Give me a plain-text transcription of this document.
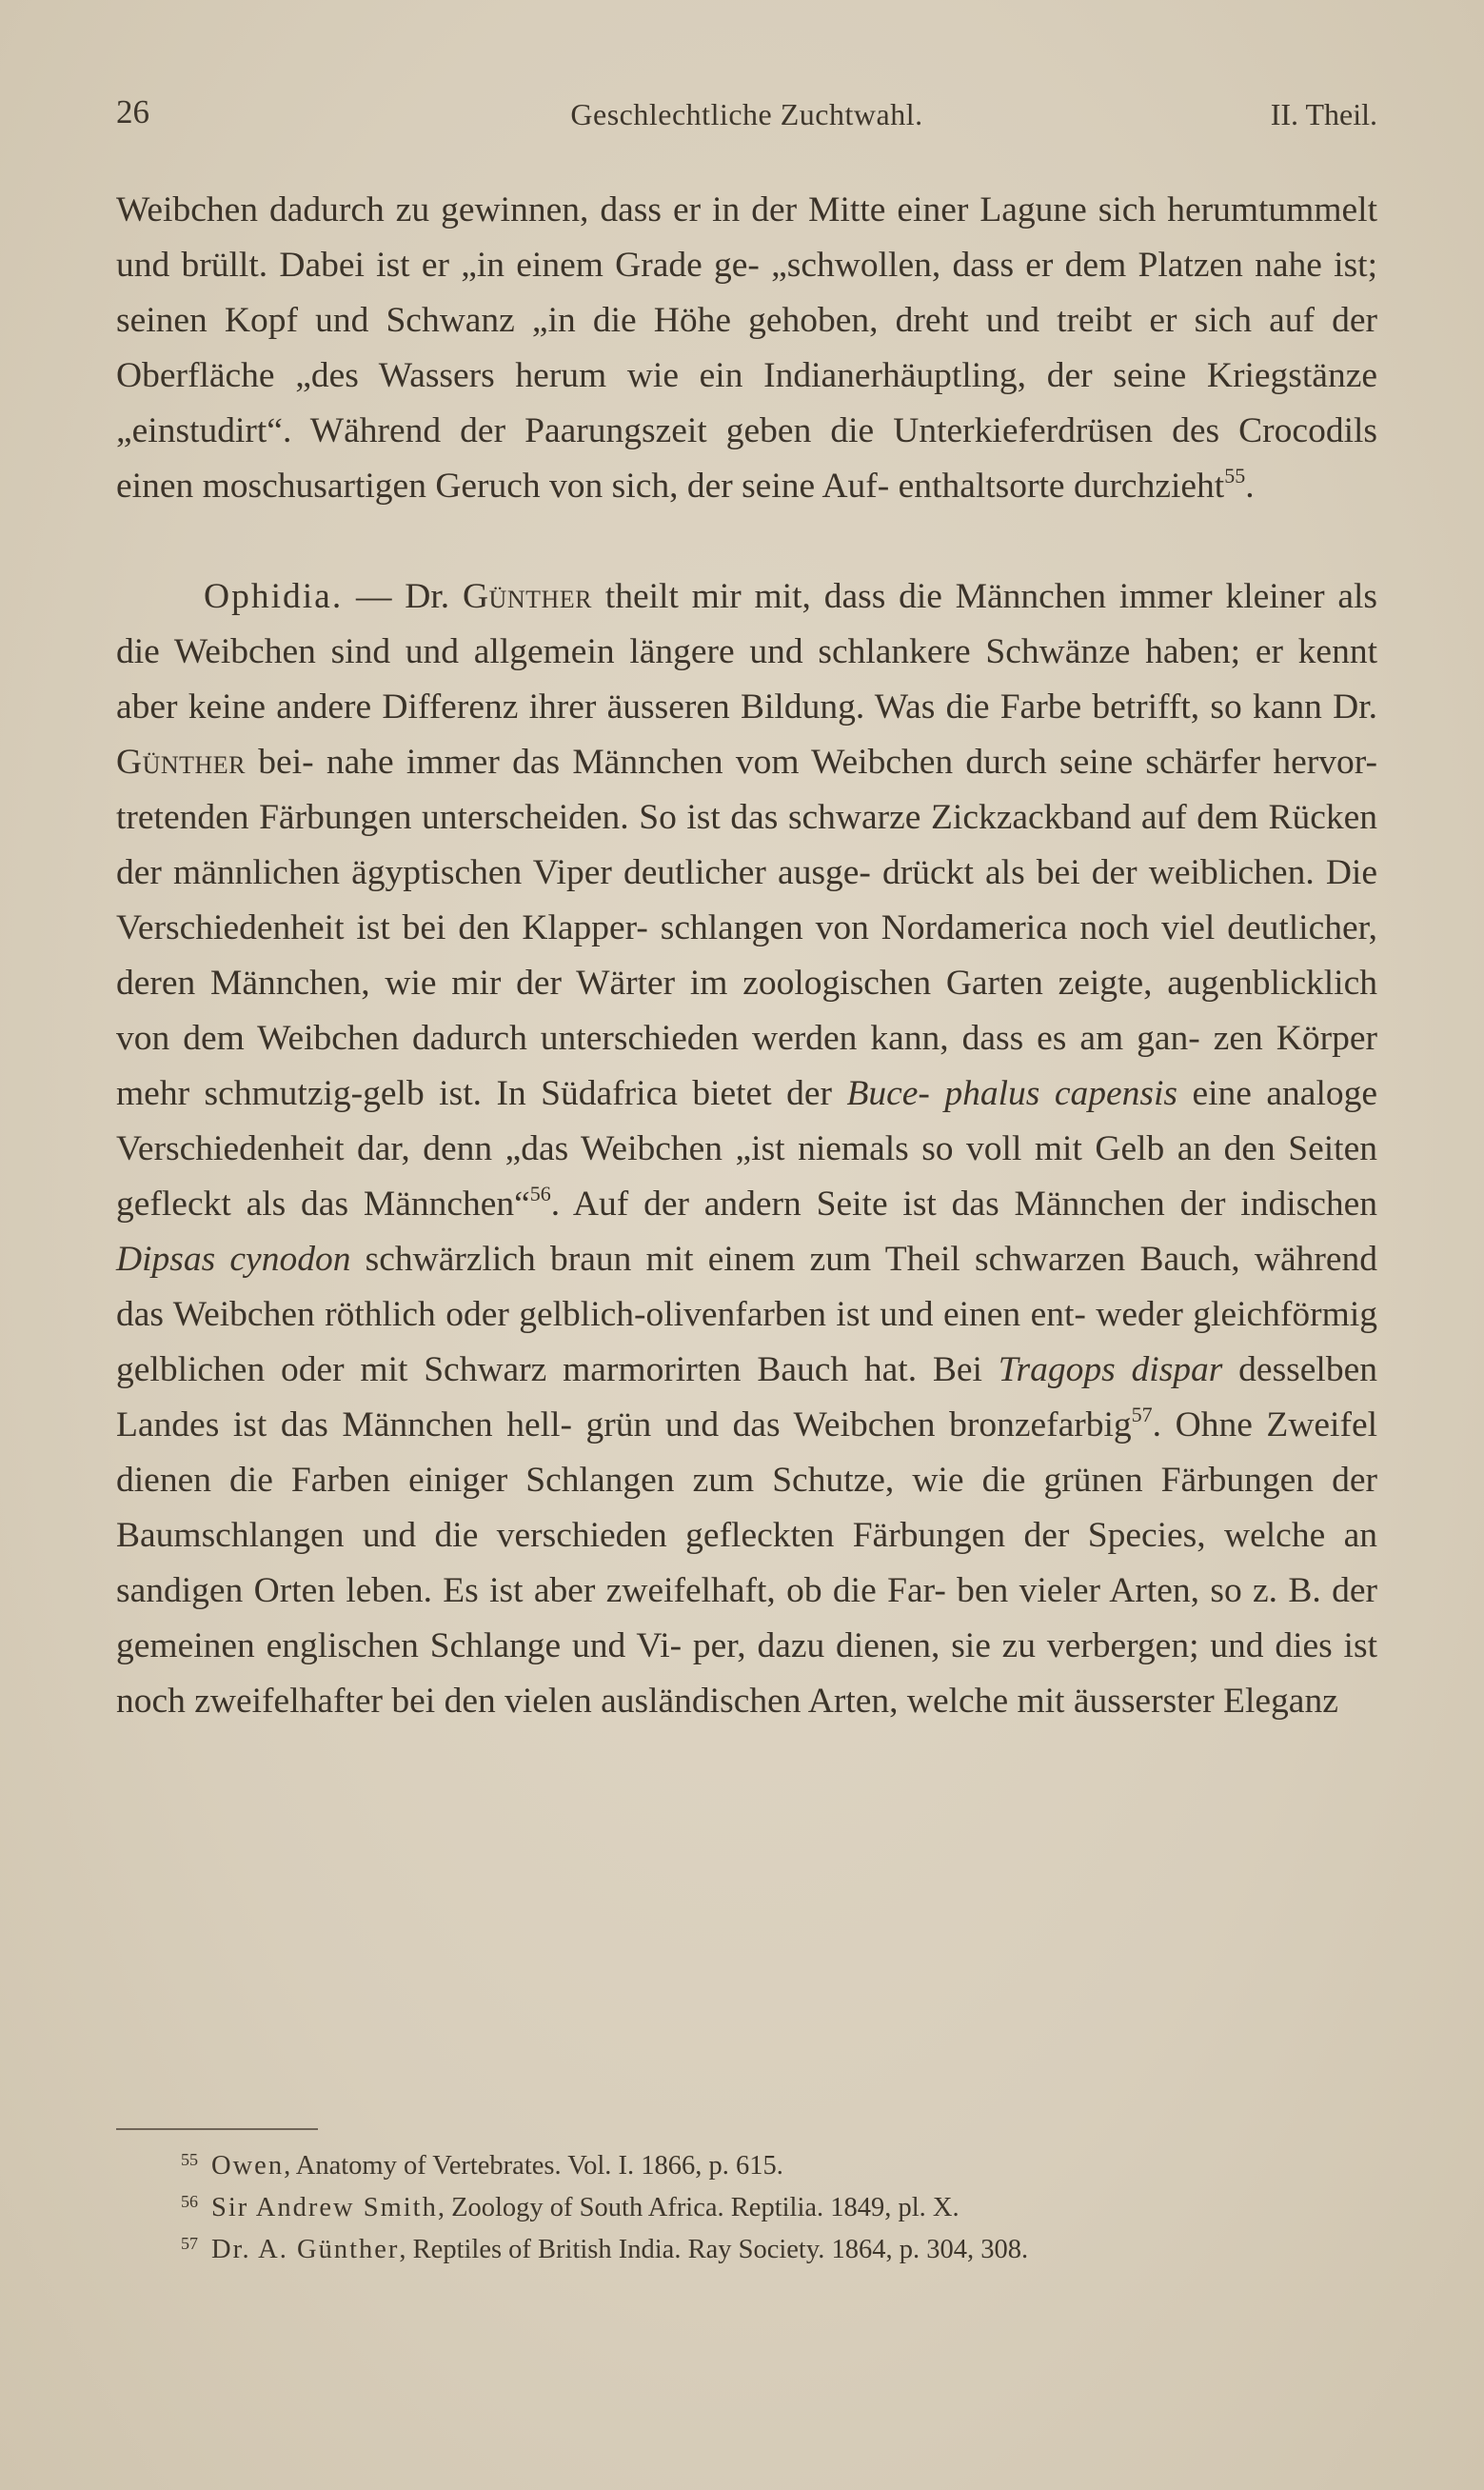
26	Geschlechtliche Zuchtwahl.	II. Theil.

Weibchen dadurch zu gewinnen, dass er in der Mitte einer Lagune sich herumtummelt und brüllt. Dabei ist er „in einem Grade ge- „schwollen, dass er dem Platzen nahe ist; seinen Kopf und Schwanz „in die Höhe gehoben, dreht und treibt er sich auf der Oberfläche „des Wassers herum wie ein Indianerhäuptling, der seine Kriegstänze „einstudirt“. Während der Paarungszeit geben die Unterkieferdrüsen des Crocodils einen moschusartigen Geruch von sich, der seine Auf- enthaltsorte durchzieht$^{55}$.

Ophidia. — Dr. Günther theilt mir mit, dass die Männchen immer kleiner als die Weibchen sind und allgemein längere und schlankere Schwänze haben; er kennt aber keine andere Differenz ihrer äusseren Bildung. Was die Farbe betrifft, so kann Dr. Günther bei- nahe immer das Männchen vom Weibchen durch seine schärfer hervor- tretenden Färbungen unterscheiden. So ist das schwarze Zickzackband auf dem Rücken der männlichen ägyptischen Viper deutlicher ausge- drückt als bei der weiblichen. Die Verschiedenheit ist bei den Klapper- schlangen von Nordamerica noch viel deutlicher, deren Männchen, wie mir der Wärter im zoologischen Garten zeigte, augenblicklich von dem Weibchen dadurch unterschieden werden kann, dass es am gan- zen Körper mehr schmutzig-gelb ist. In Südafrica bietet der Buce- phalus capensis eine analoge Verschiedenheit dar, denn „das Weibchen „ist niemals so voll mit Gelb an den Seiten gefleckt als das Männchen“$^{56}$. Auf der andern Seite ist das Männchen der indischen Dipsas cynodon schwärzlich braun mit einem zum Theil schwarzen Bauch, während das Weibchen röthlich oder gelblich-olivenfarben ist und einen ent- weder gleichförmig gelblichen oder mit Schwarz marmorirten Bauch hat. Bei Tragops dispar desselben Landes ist das Männchen hell- grün und das Weibchen bronzefarbig$^{57}$. Ohne Zweifel dienen die Farben einiger Schlangen zum Schutze, wie die grünen Färbungen der Baumschlangen und die verschieden gefleckten Färbungen der Species, welche an sandigen Orten leben. Es ist aber zweifelhaft, ob die Far- ben vieler Arten, so z. B. der gemeinen englischen Schlange und Vi- per, dazu dienen, sie zu verbergen; und dies ist noch zweifelhafter bei den vielen ausländischen Arten, welche mit äusserster Eleganz

$^{55}$ Owen, Anatomy of Vertebrates. Vol. I. 1866, p. 615.
$^{56}$ Sir Andrew Smith, Zoology of South Africa. Reptilia. 1849, pl. X.
$^{57}$ Dr. A. Günther, Reptiles of British India. Ray Society. 1864, p. 304, 308.
